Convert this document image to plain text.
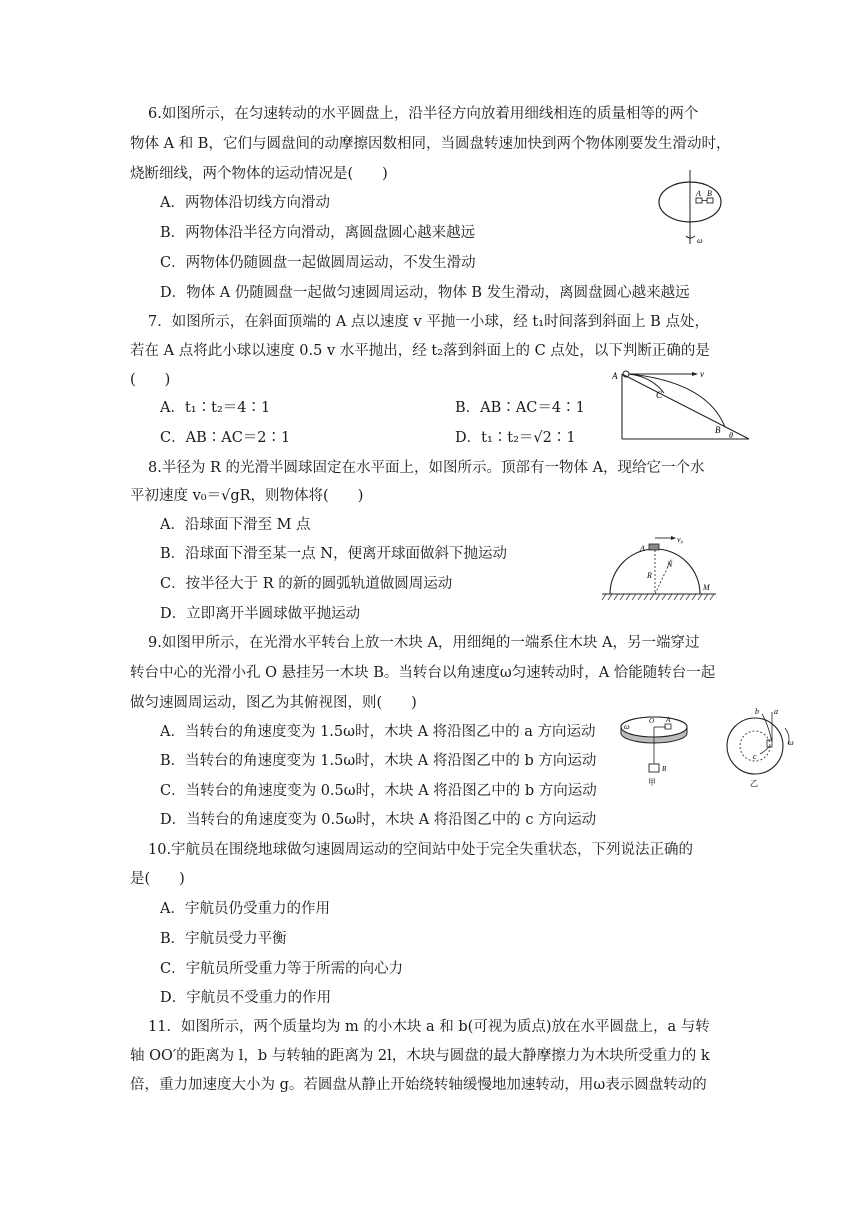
6.如图所示，在匀速转动的水平圆盘上，沿半径方向放着用细线相连的质量相等的两个
物体 A 和 B，它们与圆盘间的动摩擦因数相同，当圆盘转速加快到两个物体刚要发生滑动时，
烧断细线，两个物体的运动情况是(　　)
A．两物体沿切线方向滑动
B．两物体沿半径方向滑动，离圆盘圆心越来越远
C．两物体仍随圆盘一起做圆周运动，不发生滑动
D．物体 A 仍随圆盘一起做匀速圆周运动，物体 B 发生滑动，离圆盘圆心越来越远
A B
ω
7．如图所示，在斜面顶端的 A 点以速度 v 平抛一小球，经 t₁时间落到斜面上 B 点处，
若在 A 点将此小球以速度 0.5 v 水平抛出，经 t₂落到斜面上的 C 点处，以下判断正确的是
(　　)
A．t₁∶t₂＝4∶1	B．AB∶AC＝4∶1
C．AB∶AC＝2∶1	D．t₁∶t₂＝√2∶1
A	v
C
B
θ
8.半径为 R 的光滑半圆球固定在水平面上，如图所示。顶部有一物体 A，现给它一个水
平初速度 v₀＝√gR，则物体将(　　)
A．沿球面下滑至 M 点
B．沿球面下滑至某一点 N，便离开球面做斜下抛运动
C．按半径大于 R 的新的圆弧轨道做圆周运动
D．立即离开半圆球做平抛运动
v₀
A
N
R
M
9.如图甲所示，在光滑水平转台上放一木块 A，用细绳的一端系住木块 A，另一端穿过
转台中心的光滑小孔 O 悬挂另一木块 B。当转台以角速度ω匀速转动时，A 恰能随转台一起
做匀速圆周运动，图乙为其俯视图，则(　　)
A．当转台的角速度变为 1.5ω时，木块 A 将沿图乙中的 a 方向运动
B．当转台的角速度变为 1.5ω时，木块 A 将沿图乙中的 b 方向运动
C．当转台的角速度变为 0.5ω时，木块 A 将沿图乙中的 b 方向运动
D．当转台的角速度变为 0.5ω时，木块 A 将沿图乙中的 c 方向运动
ω
O A
B
甲
a
b
c
ω
乙
10.宇航员在围绕地球做匀速圆周运动的空间站中处于完全失重状态，下列说法正确的
是(　　)
A．宇航员仍受重力的作用
B．宇航员受力平衡
C．宇航员所受重力等于所需的向心力
D．宇航员不受重力的作用
11．如图所示，两个质量均为 m 的小木块 a 和 b(可视为质点)放在水平圆盘上，a 与转
轴 OO′的距离为 l，b 与转轴的距离为 2l，木块与圆盘的最大静摩擦力为木块所受重力的 k
倍，重力加速度大小为 g。若圆盘从静止开始绕转轴缓慢地加速转动，用ω表示圆盘转动的
